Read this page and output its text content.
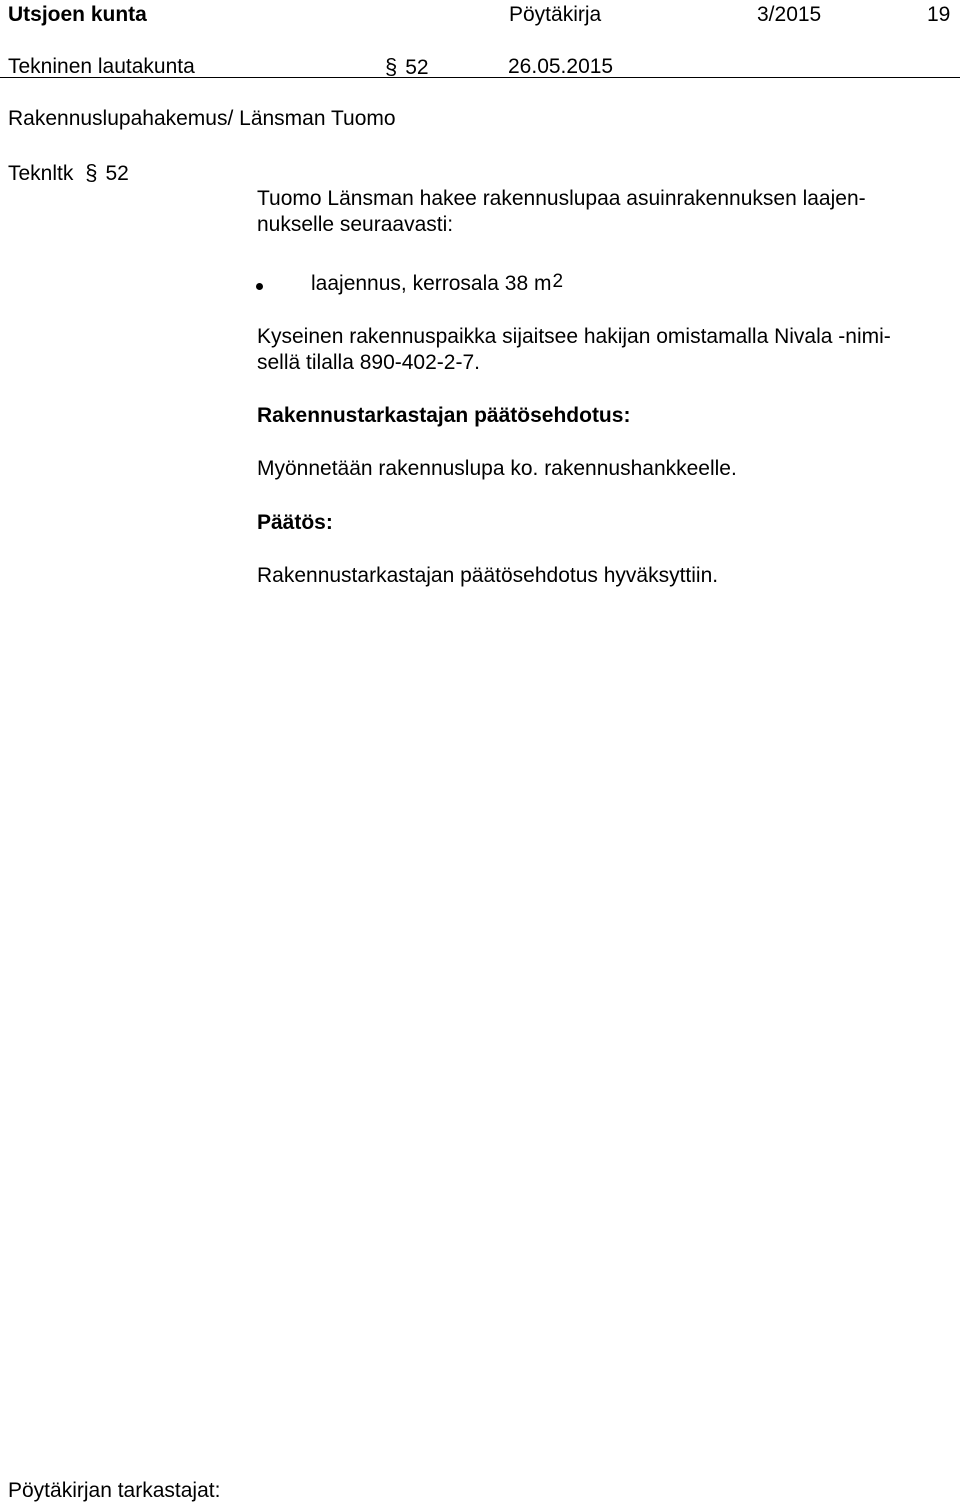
Utsjoen kunta	Pöytäkirja	3/2015	19
Tekninen lautakunta	§ 52	26.05.2015
Rakennuslupahakemus/ Länsman Tuomo
Teknltk § 52
Tuomo Länsman hakee rakennuslupaa asuinrakennuksen laajen-
nukselle seuraavasti:
laajennus, kerrosala 38 $m^2$
Kyseinen rakennuspaikka sijaitsee hakijan omistamalla Nivala -nimi-
sellä tilalla 890-402-2-7.
Rakennustarkastajan päätösehdotus:
Myönnetään rakennuslupa ko. rakennushankkeelle.
Päätös:
Rakennustarkastajan päätösehdotus hyväksyttiin.
Pöytäkirjan tarkastajat:
